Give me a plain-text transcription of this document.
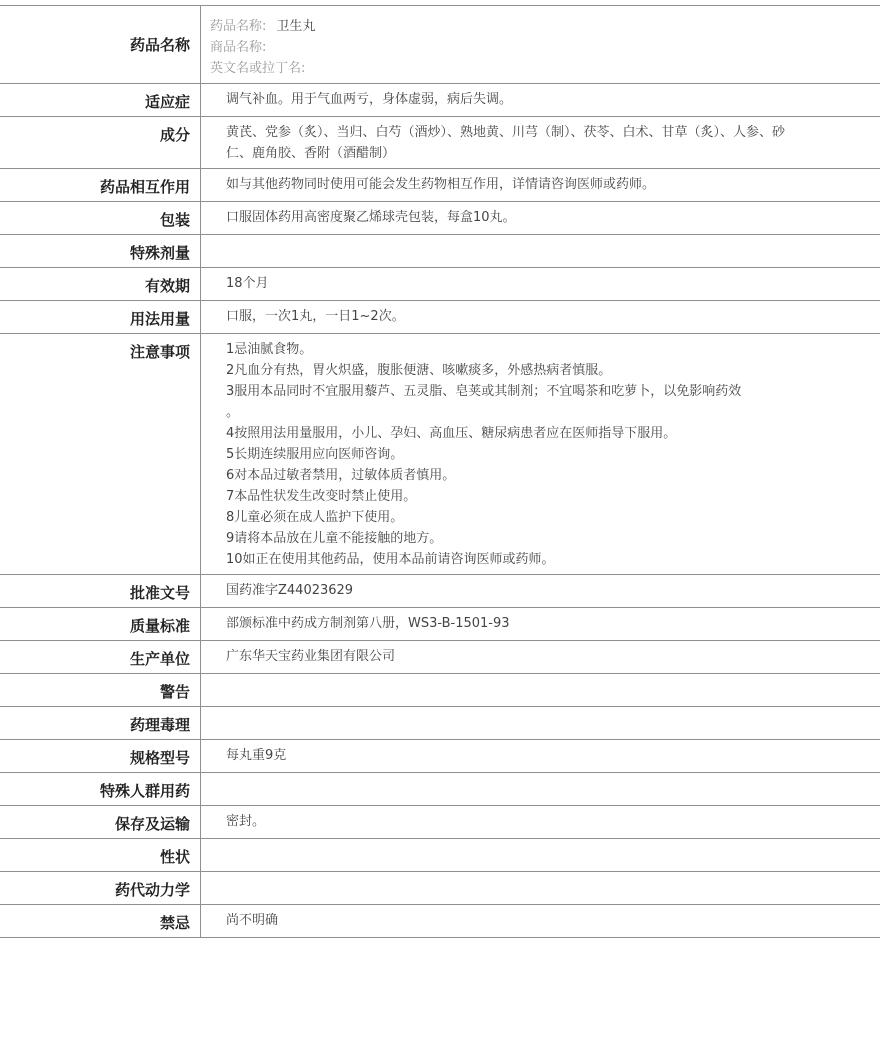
药品名称
药品名称: 卫生丸
商品名称:
英文名或拉丁名:
适应症	调气补血。用于气血两亏，身体虚弱，病后失调。
成分	黄芪、党参（炙）、当归、白芍（酒炒）、熟地黄、川芎（制）、茯苓、白术、甘草（炙）、人参、砂仁、鹿角胶、香附（酒醋制）
药品相互作用	如与其他药物同时使用可能会发生药物相互作用，详情请咨询医师或药师。
包装	口服固体药用高密度聚乙烯球壳包装，每盒10丸。
特殊剂量
有效期	18个月
用法用量	口服，一次1丸，一日1~2次。
注意事项	1忌油腻食物。
2凡血分有热，胃火炽盛，腹胀便溏、咳嗽痰多，外感热病者慎服。
3服用本品同时不宜服用藜芦、五灵脂、皂荚或其制剂；不宜喝茶和吃萝卜，以免影响药效
。
4按照用法用量服用，小儿、孕妇、高血压、糖尿病患者应在医师指导下服用。
5长期连续服用应向医师咨询。
6对本品过敏者禁用，过敏体质者慎用。
7本品性状发生改变时禁止使用。
8儿童必须在成人监护下使用。
9请将本品放在儿童不能接触的地方。
10如正在使用其他药品，使用本品前请咨询医师或药师。
批准文号	国药准字Z44023629
质量标准	部颁标准中药成方制剂第八册，WS3-B-1501-93
生产单位	广东华天宝药业集团有限公司
警告
药理毒理
规格型号	每丸重9克
特殊人群用药
保存及运输	密封。
性状
药代动力学
禁忌	尚不明确
